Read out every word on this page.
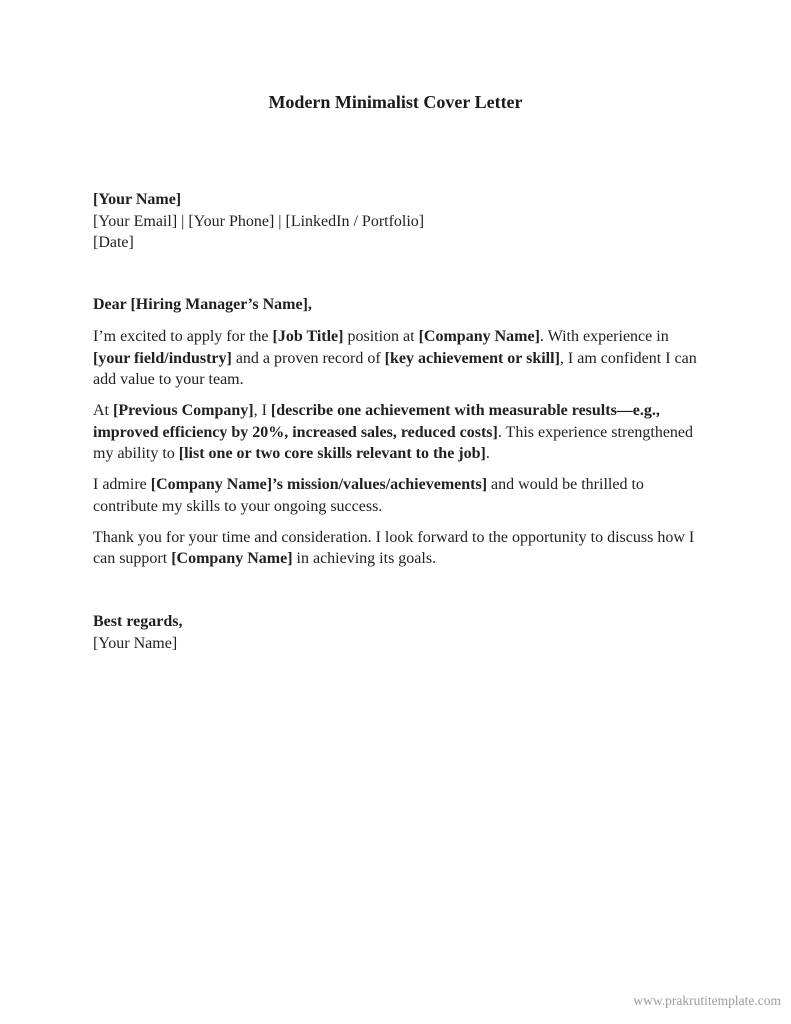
Modern Minimalist Cover Letter
[Your Name]
[Your Email] | [Your Phone] | [LinkedIn / Portfolio]
[Date]

Dear [Hiring Manager’s Name],

I’m excited to apply for the [Job Title] position at [Company Name]. With experience in [your field/industry] and a proven record of [key achievement or skill], I am confident I can add value to your team.

At [Previous Company], I [describe one achievement with measurable results—e.g., improved efficiency by 20%, increased sales, reduced costs]. This experience strengthened my ability to [list one or two core skills relevant to the job].

I admire [Company Name]’s mission/values/achievements] and would be thrilled to contribute my skills to your ongoing success.

Thank you for your time and consideration. I look forward to the opportunity to discuss how I can support [Company Name] in achieving its goals.

Best regards,
[Your Name]
www.prakrutitemplate.com
